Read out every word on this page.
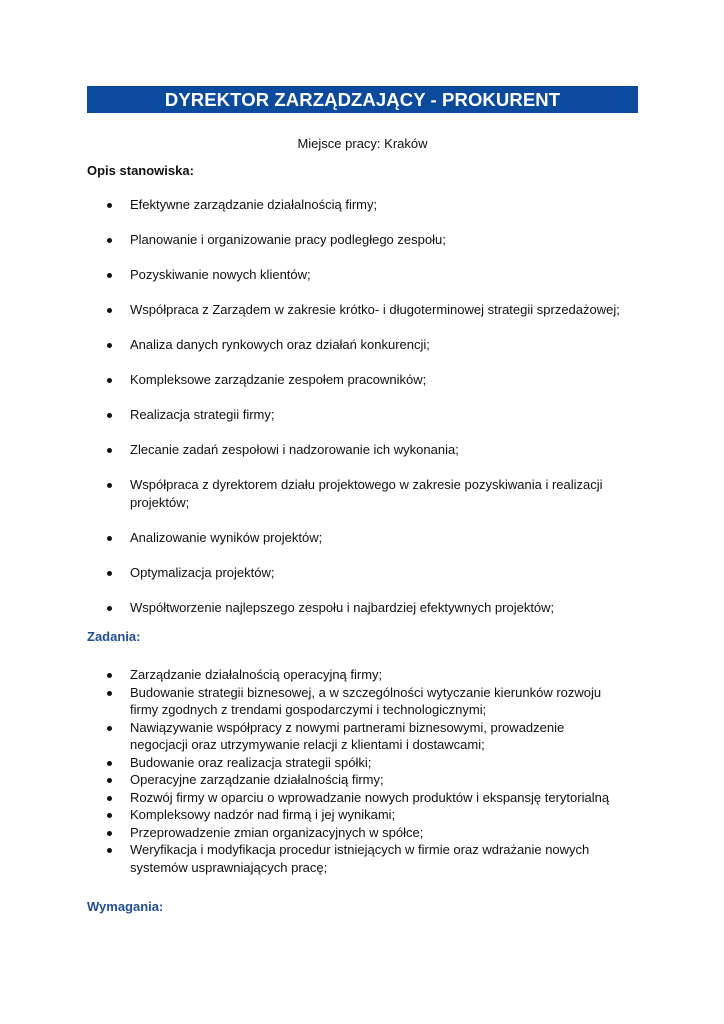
DYREKTOR ZARZĄDZAJĄCY - PROKURENT
Miejsce pracy: Kraków
Opis stanowiska:
Efektywne zarządzanie działalnością firmy;
Planowanie i organizowanie pracy podległego zespołu;
Pozyskiwanie nowych klientów;
Współpraca z Zarządem w zakresie krótko- i długoterminowej strategii sprzedażowej;
Analiza danych rynkowych oraz działań konkurencji;
Kompleksowe zarządzanie zespołem pracowników;
Realizacja strategii firmy;
Zlecanie zadań zespołowi i nadzorowanie ich wykonania;
Współpraca z dyrektorem działu projektowego w zakresie pozyskiwania i realizacji projektów;
Analizowanie wyników projektów;
Optymalizacja projektów;
Współtworzenie najlepszego zespołu i najbardziej efektywnych projektów;
Zadania:
Zarządzanie działalnością operacyjną firmy;
Budowanie strategii biznesowej, a w szczególności wytyczanie kierunków rozwoju firmy zgodnych z trendami gospodarczymi i technologicznymi;
Nawiązywanie współpracy z nowymi partnerami biznesowymi, prowadzenie negocjacji oraz utrzymywanie relacji z klientami i dostawcami;
Budowanie oraz realizacja strategii spółki;
Operacyjne zarządzanie działalnością firmy;
Rozwój firmy w oparciu o wprowadzanie nowych produktów i ekspansję terytorialną
Kompleksowy nadzór nad firmą i jej wynikami;
Przeprowadzenie zmian organizacyjnych w spółce;
Weryfikacja i modyfikacja procedur istniejących w firmie oraz wdrażanie nowych systemów usprawniających pracę;
Wymagania:
